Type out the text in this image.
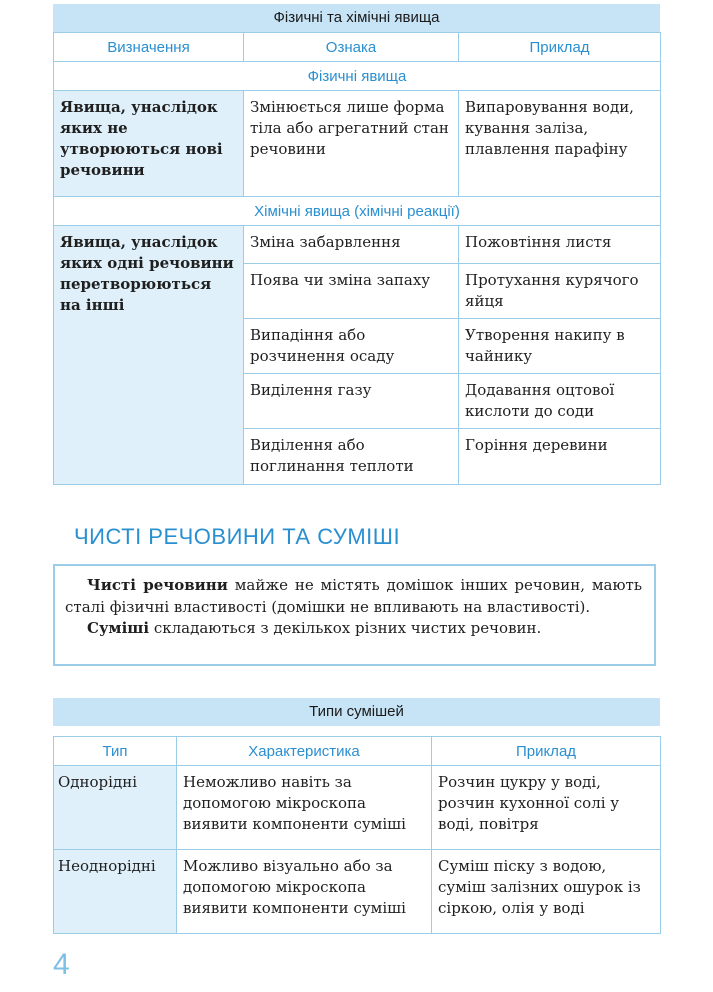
Фізичні та хімічні явища
Визначення	Ознака	Приклад
Фізичні явища		
Явища, унаслідок яких не утворюються нові речовини	Змінюється лише форма тіла або агрегатний стан речовини	Випаровування води, кування заліза, плавлення парафіну
Хімічні явища (хімічні реакції)		
Явища, унаслідок яких одні речовини перетворюються на інші	Зміна забарвлення	Пожовтіння листя
	Поява чи зміна запаху	Протухання курячого яйця
	Випадіння або розчинення осаду	Утворення накипу в чайнику
	Виділення газу	Додавання оцтової кислоти до соди
	Виділення або поглинання теплоти	Горіння деревини
ЧИСТІ РЕЧОВИНИ ТА СУМІШІ

Чисті речовини майже не містять домішок інших речовин, мають сталі фізичні властивості (домішки не впливають на властивості).

Суміші складаються з декількох різних чистих речовин.

Типи сумішей
Тип	Характеристика	Приклад
Однорідні	Неможливо навіть за допомогою мікроскопа виявити компоненти суміші	Розчин цукру у воді, розчин кухонної солі у воді, повітря
Неоднорідні	Можливо візуально або за допомогою мікроскопа виявити компоненти суміші	Суміш піску з водою, суміш залізних ошурок із сіркою, олія у воді
4
